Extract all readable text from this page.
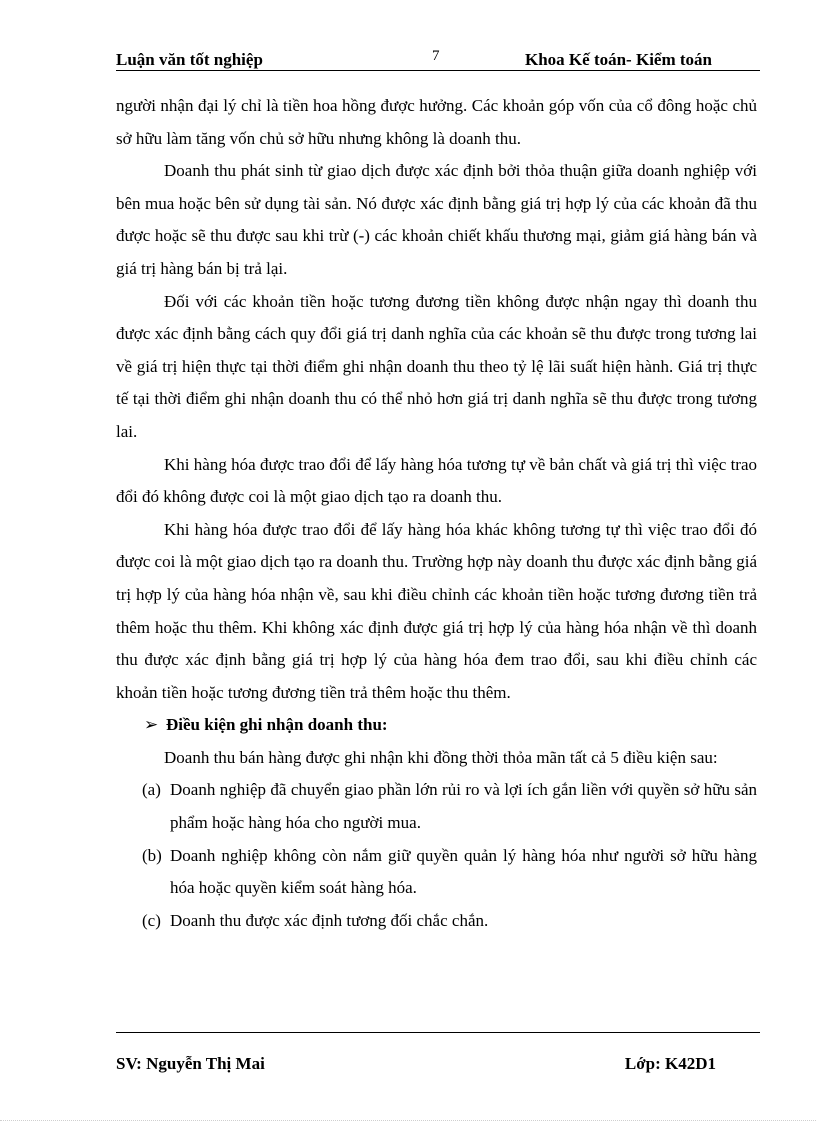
Luận văn tốt nghiệp	7	Khoa Kế toán- Kiểm toán

người nhận đại lý chỉ là tiền hoa hồng được hưởng. Các khoản góp vốn của cổ đông hoặc chủ sở hữu làm tăng vốn chủ sở hữu nhưng không là doanh thu.

Doanh thu phát sinh từ giao dịch được xác định bởi thỏa thuận giữa doanh nghiệp với bên mua hoặc bên sử dụng tài sản. Nó được xác định bằng giá trị hợp lý của các khoản đã thu được hoặc sẽ thu được sau khi trừ (-) các khoản chiết khấu thương mại, giảm giá hàng bán và giá trị hàng bán bị trả lại.

Đối với các khoản tiền hoặc tương đương tiền không được nhận ngay thì doanh thu được xác định bằng cách quy đổi giá trị danh nghĩa của các khoản sẽ thu được trong tương lai về giá trị hiện thực tại thời điểm ghi nhận doanh thu theo tỷ lệ lãi suất hiện hành. Giá trị thực tế tại thời điểm ghi nhận doanh thu có thể nhỏ hơn giá trị danh nghĩa sẽ thu được trong tương lai.

Khi hàng hóa được trao đổi để lấy hàng hóa tương tự về bản chất và giá trị thì việc trao đổi đó không được coi là một giao dịch tạo ra doanh thu.

Khi hàng hóa được trao đổi để lấy hàng hóa khác không tương tự thì việc trao đổi đó được coi là một giao dịch tạo ra doanh thu. Trường hợp này doanh thu được xác định bằng giá trị hợp lý của hàng hóa nhận về, sau khi điều chỉnh các khoản tiền hoặc tương đương tiền trả thêm hoặc thu thêm. Khi không xác định được giá trị hợp lý của hàng hóa nhận về thì doanh thu được xác định bằng giá trị hợp lý của hàng hóa đem trao đổi, sau khi điều chỉnh các khoản tiền hoặc tương đương tiền trả thêm hoặc thu thêm.

➢ Điều kiện ghi nhận doanh thu:

Doanh thu bán hàng được ghi nhận khi đồng thời thỏa mãn tất cả 5 điều kiện sau:

(a) Doanh nghiệp đã chuyển giao phần lớn rủi ro và lợi ích gắn liền với quyền sở hữu sản phẩm hoặc hàng hóa cho người mua.

(b) Doanh nghiệp không còn nắm giữ quyền quản lý hàng hóa như người sở hữu hàng hóa hoặc quyền kiểm soát hàng hóa.

(c) Doanh thu được xác định tương đối chắc chắn.

SV: Nguyễn Thị Mai	Lớp: K42D1
